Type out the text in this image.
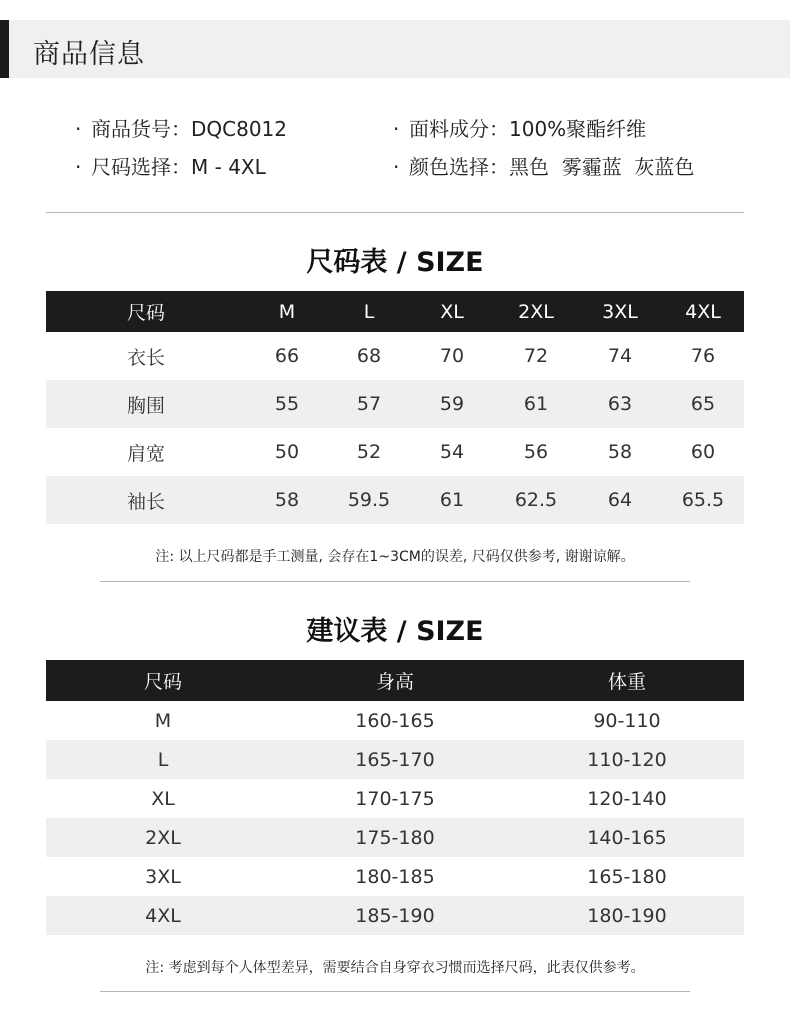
商品信息
· 商品货号：DQC8012	· 面料成分：100%聚酯纤维
· 尺码选择：M - 4XL	· 颜色选择：黑色  雾霾蓝  灰蓝色
尺码表 / SIZE
尺码	M	L	XL	2XL	3XL	4XL
衣长	66	68	70	72	74	76
胸围	55	57	59	61	63	65
肩宽	50	52	54	56	58	60
袖长	58	59.5	61	62.5	64	65.5
注: 以上尺码都是手工测量, 会存在1~3CM的误差, 尺码仅供参考, 谢谢谅解。
建议表 / SIZE
尺码	身高	体重
M	160-165	90-110
L	165-170	110-120
XL	170-175	120-140
2XL	175-180	140-165
3XL	180-185	165-180
4XL	185-190	180-190
注: 考虑到每个人体型差异，需要结合自身穿衣习惯而选择尺码，此表仅供参考。
